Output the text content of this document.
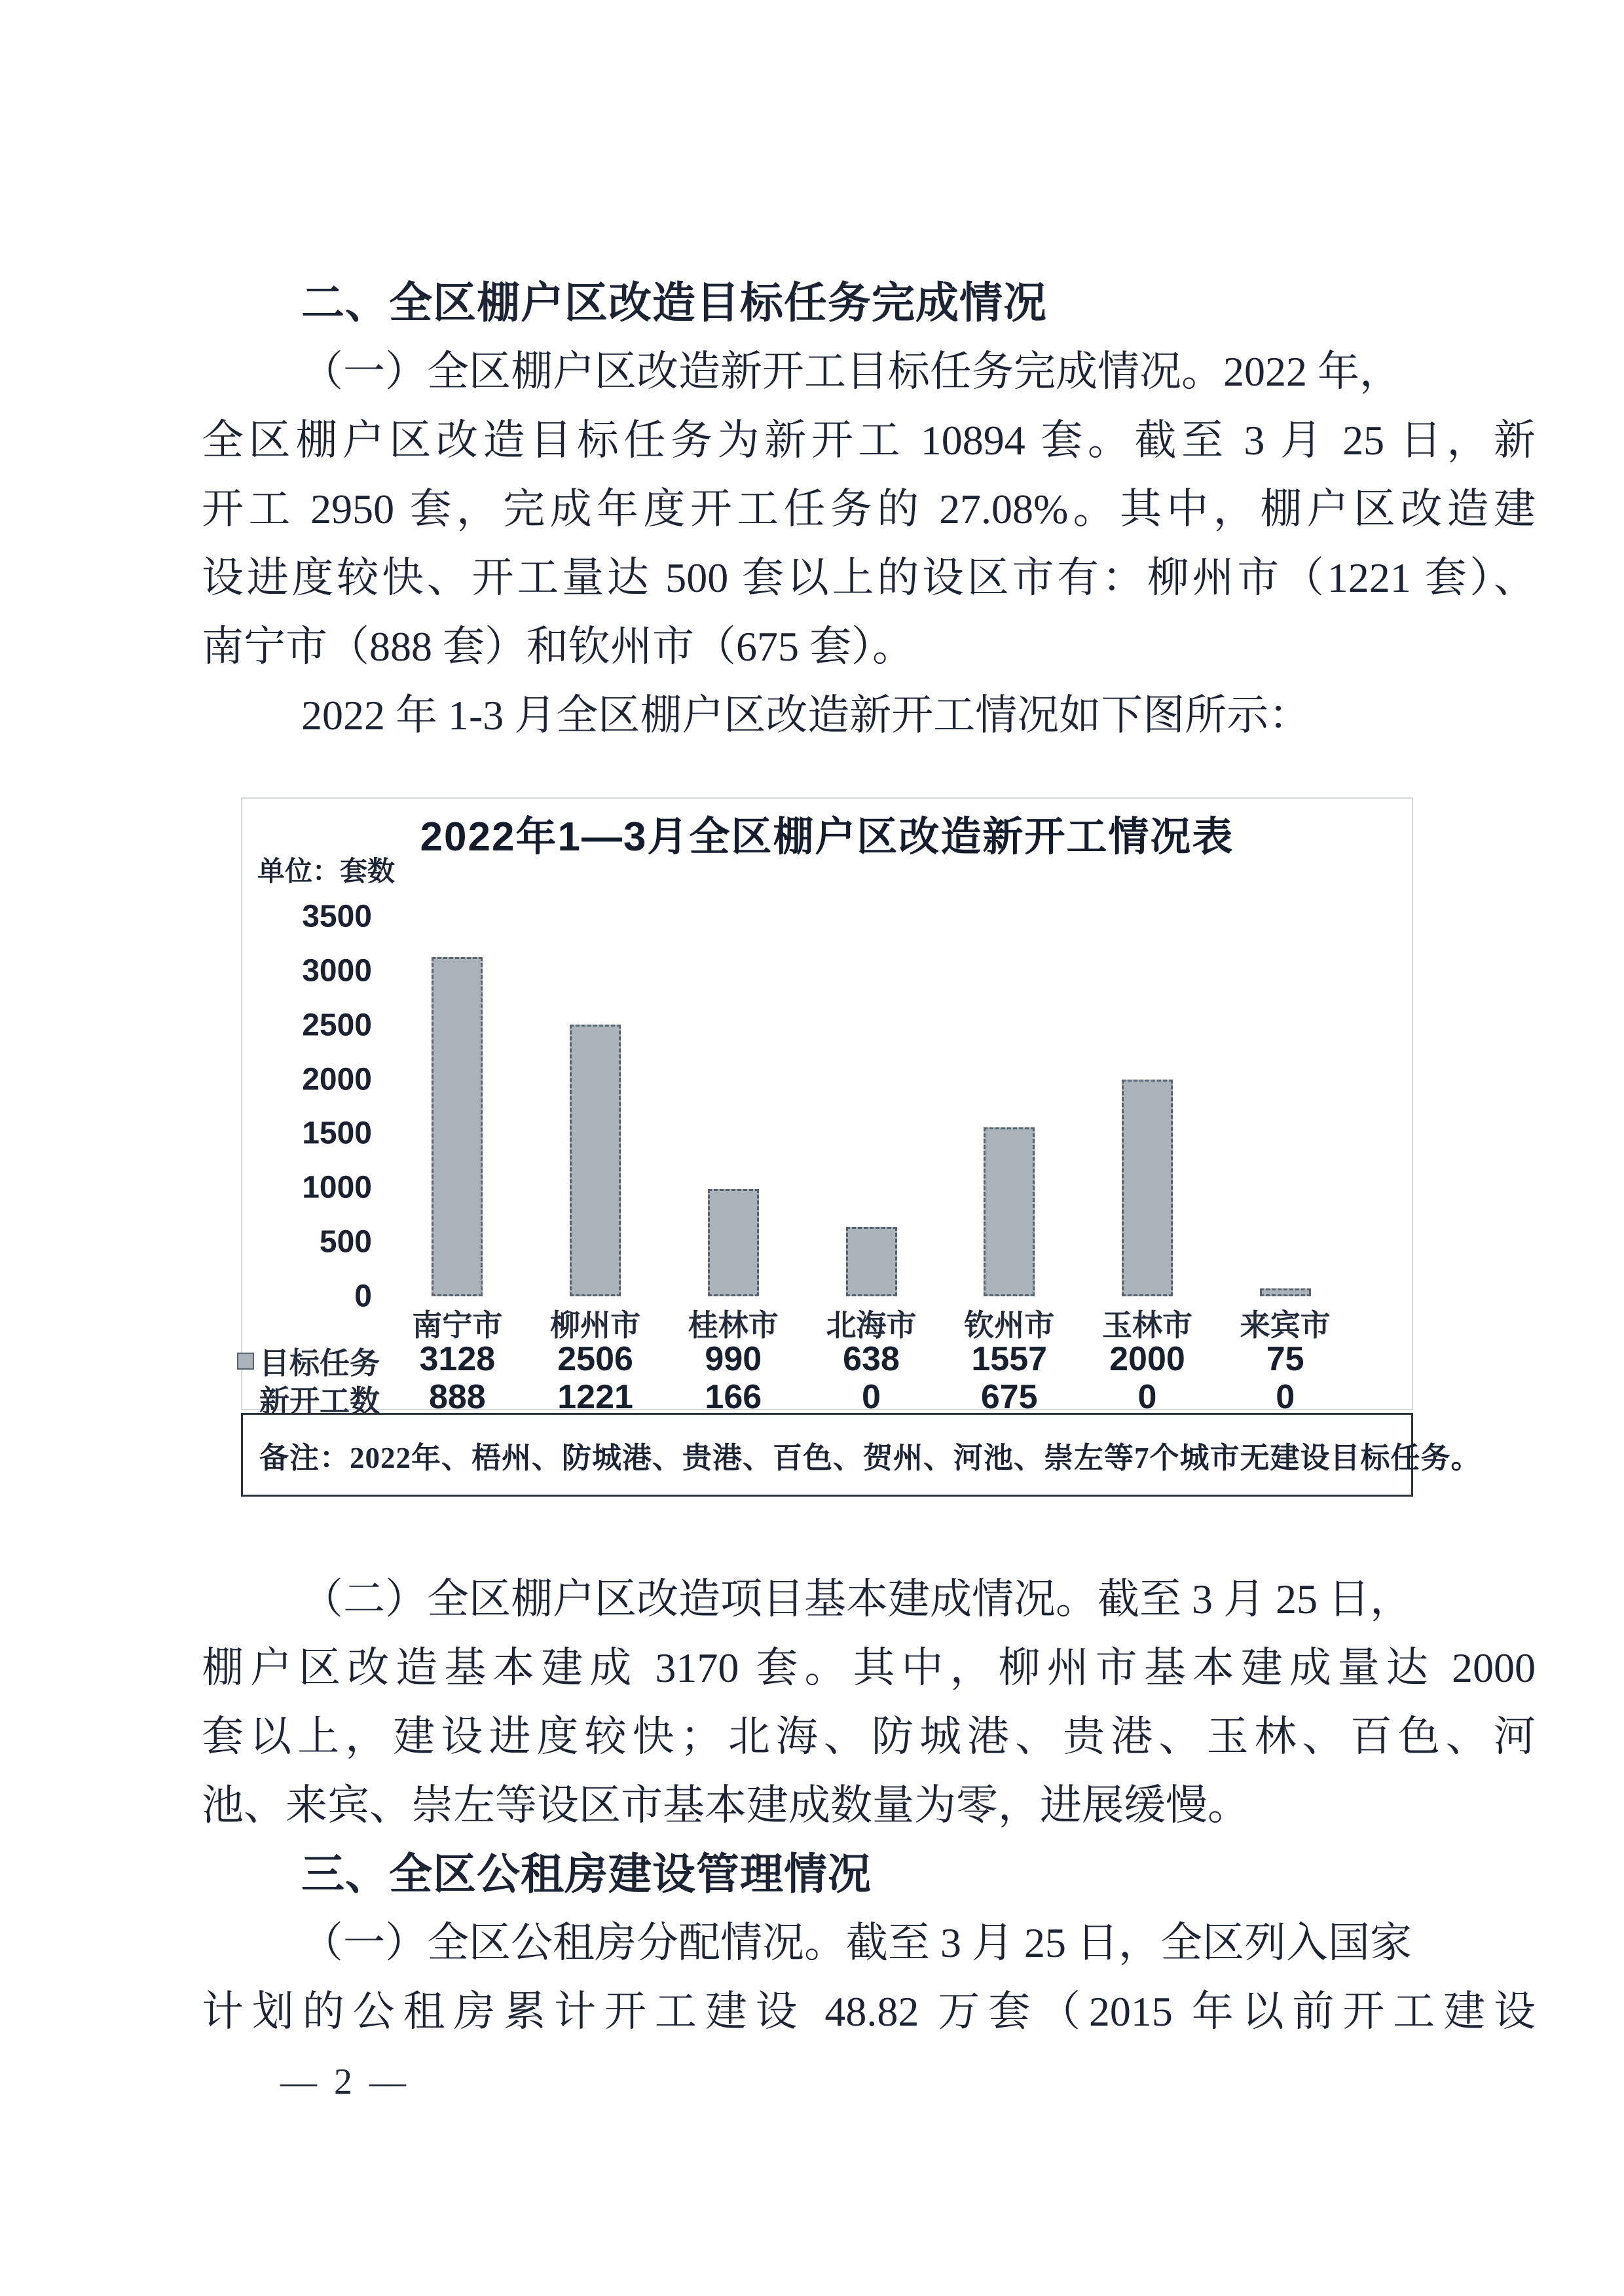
二、全区棚户区改造目标任务完成情况
（一）全区棚户区改造新开工目标任务完成情况。2022 年，
全区棚户区改造目标任务为新开工 10894 套。截至 3 月 25 日，新
开工 2950 套，完成年度开工任务的 27.08%。其中，棚户区改造建
设进度较快、开工量达 500 套以上的设区市有：柳州市（1221 套）、
南宁市（888 套）和钦州市（675 套）。
2022 年 1-3 月全区棚户区改造新开工情况如下图所示：
2022年1—3月全区棚户区改造新开工情况表
单位：套数
0
500
1000
1500
2000
2500
3000
3500
南宁市	柳州市	桂林市	北海市	钦州市	玉林市	来宾市
目标任务	3128	2506	990	638	1557	2000	75
新开工数	888	1221	166	0	675	0	0
备注：2022年、梧州、防城港、贵港、百色、贺州、河池、崇左等7个城市无建设目标任务。
（二）全区棚户区改造项目基本建成情况。截至 3 月 25 日，
棚户区改造基本建成 3170 套。其中，柳州市基本建成量达 2000
套以上，建设进度较快；北海、防城港、贵港、玉林、百色、河
池、来宾、崇左等设区市基本建成数量为零，进展缓慢。
三、全区公租房建设管理情况
（一）全区公租房分配情况。截至 3 月 25 日，全区列入国家
计划的公租房累计开工建设 48.82 万套（2015 年以前开工建设
— 2 —
